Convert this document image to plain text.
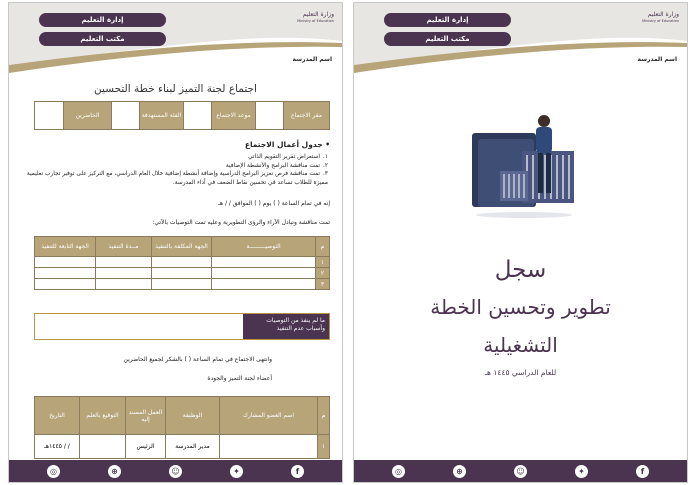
إدارة التعليم
مكتب التعليم
وزارة التعليم
Ministry of Education
اسم المدرسة
اجتماع لجنة التميز لبناء خطة التحسين
مقر الاجتماع		موعد الاجتماع		الفئة المستهدفة		الحاضرين	
• جدول أعمال الاجتماع
١.استعراض تقرير التقويم الذاتي
٢.تمت مناقشة البرامج والأنشطة الإضافية
٣.تمت مناقشة فرص تعزيز البرامج الدراسية وإضافة أنشطة إضافية خلال العام الدراسي، مع التركيز على توفير تجارب تعليمية مميزة للطلاب تساعد في تحسين نقاط الضعف في أداء المدرسة.
إنه في تمام الساعة ( ) يوم ( ) الموافق / / هـ
تمت مناقشة وتبادل الآراء والرؤى التطويرية وعليه تمت التوصيات بالآتي:
م	التوصيـــــــــة	الجهة المكلفة بالتنفيذ	مــدة التنفيذ	الجهة التابعة للتنفيذ
١				
٢				
٣				
ما لم ينفذ من التوصيات وأسباب عدم التنفيذ
وانتهى الاجتماع في تمام الساعة ( ) بالشكر لجميع الحاضرين
أعضاء لجنة التميز والجودة
م	اسم العضو المشارك	الوظيفة	العمل المسند إليه	التوقيع بالعلم	التاريخ
١		مدير المدرسة	الرئيس		/ / ١٤٤٥هـ
◎	⊕	☺	✦	f
إدارة التعليم
مكتب التعليم
وزارة التعليم
Ministry of Education
اسم المدرسة
سجل
تطوير وتحسين الخطة
التشغيلية
للعام الدراسي ١٤٤٥ هـ
◎	⊕	☺	✦	f
